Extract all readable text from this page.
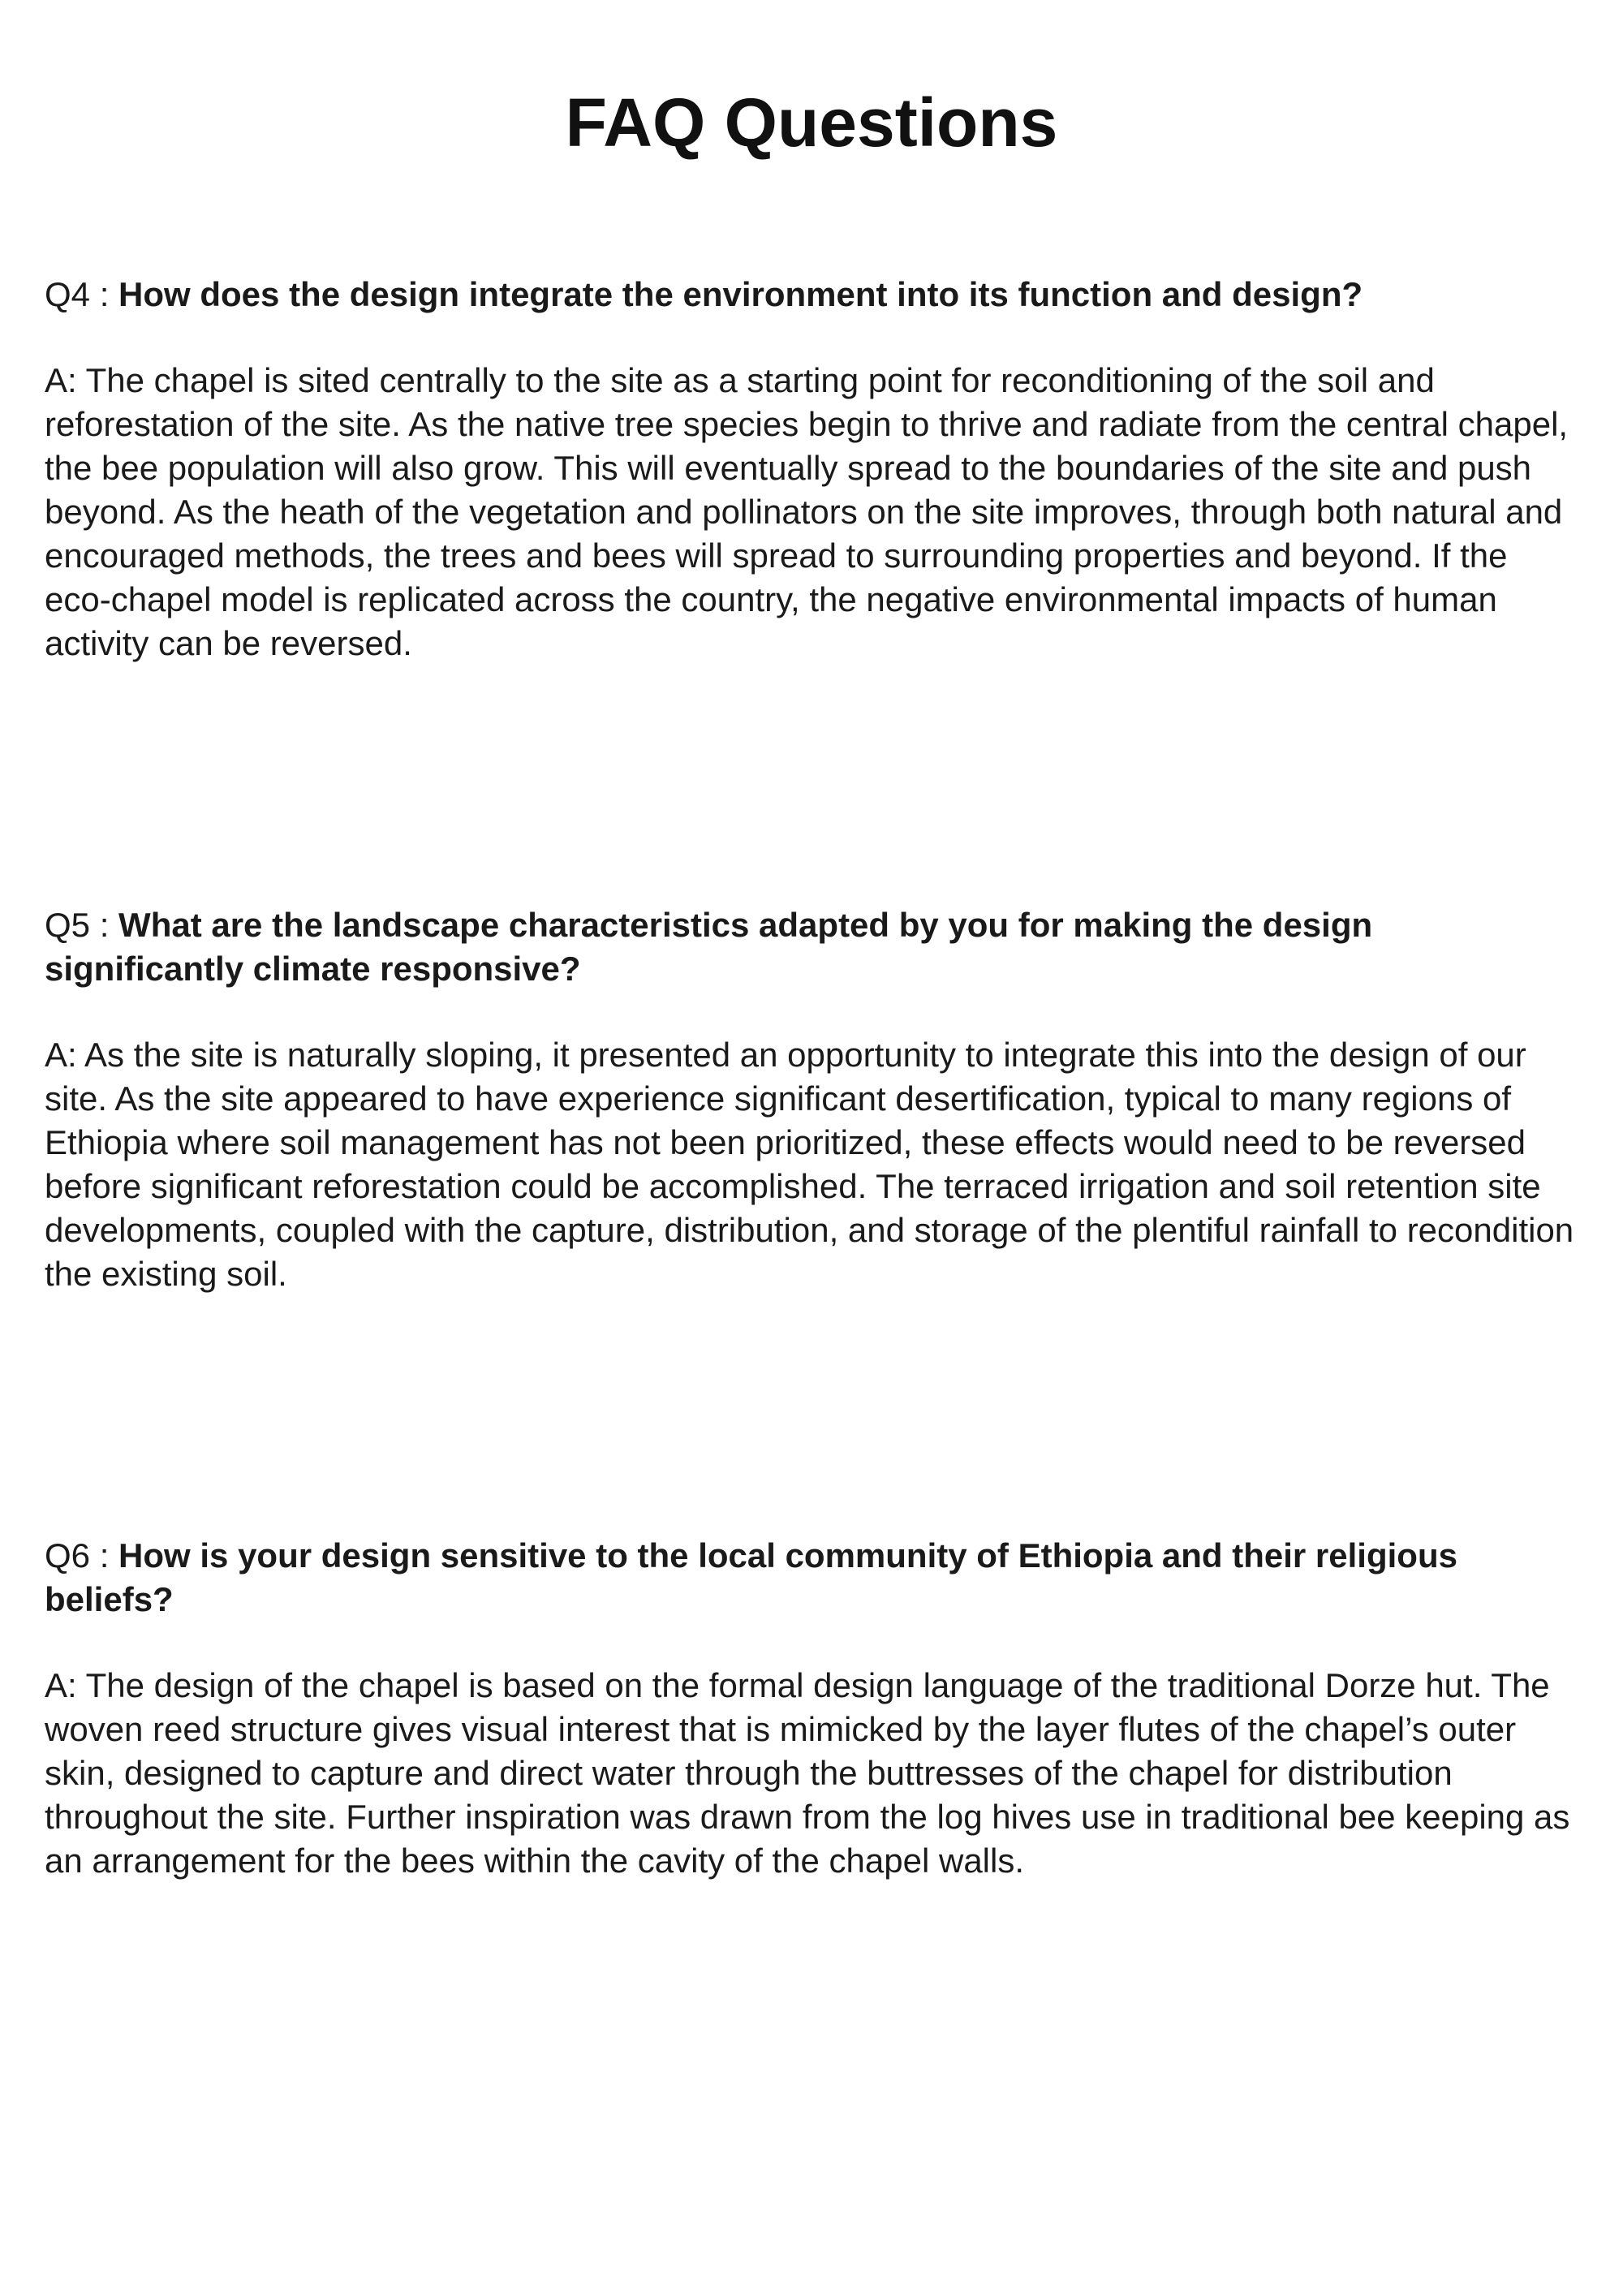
FAQ Questions

Q4 : How does the design integrate the environment into its function and design?

A: The chapel is sited centrally to the site as a starting point for reconditioning of the soil and reforestation of the site. As the native tree species begin to thrive and radiate from the central chapel, the bee population will also grow. This will eventually spread to the boundaries of the site and push beyond. As the heath of the vegetation and pollinators on the site improves, through both natural and encouraged methods, the trees and bees will spread to surrounding properties and beyond. If the eco-chapel model is replicated across the country, the negative environmental impacts of human activity can be reversed.

Q5 : What are the landscape characteristics adapted by you for making the design significantly climate responsive?

A: As the site is naturally sloping, it presented an opportunity to integrate this into the design of our site. As the site appeared to have experience significant desertification, typical to many regions of Ethiopia where soil management has not been prioritized, these effects would need to be reversed before significant reforestation could be accomplished. The terraced irrigation and soil retention site developments, coupled with the capture, distribution, and storage of the plentiful rainfall to recondition the existing soil.

Q6 : How is your design sensitive to the local community of Ethiopia and their religious beliefs?

A: The design of the chapel is based on the formal design language of the traditional Dorze hut. The woven reed structure gives visual interest that is mimicked by the layer flutes of the chapel’s outer skin, designed to capture and direct water through the buttresses of the chapel for distribution throughout the site. Further inspiration was drawn from the log hives use in traditional bee keeping as an arrangement for the bees within the cavity of the chapel walls.
